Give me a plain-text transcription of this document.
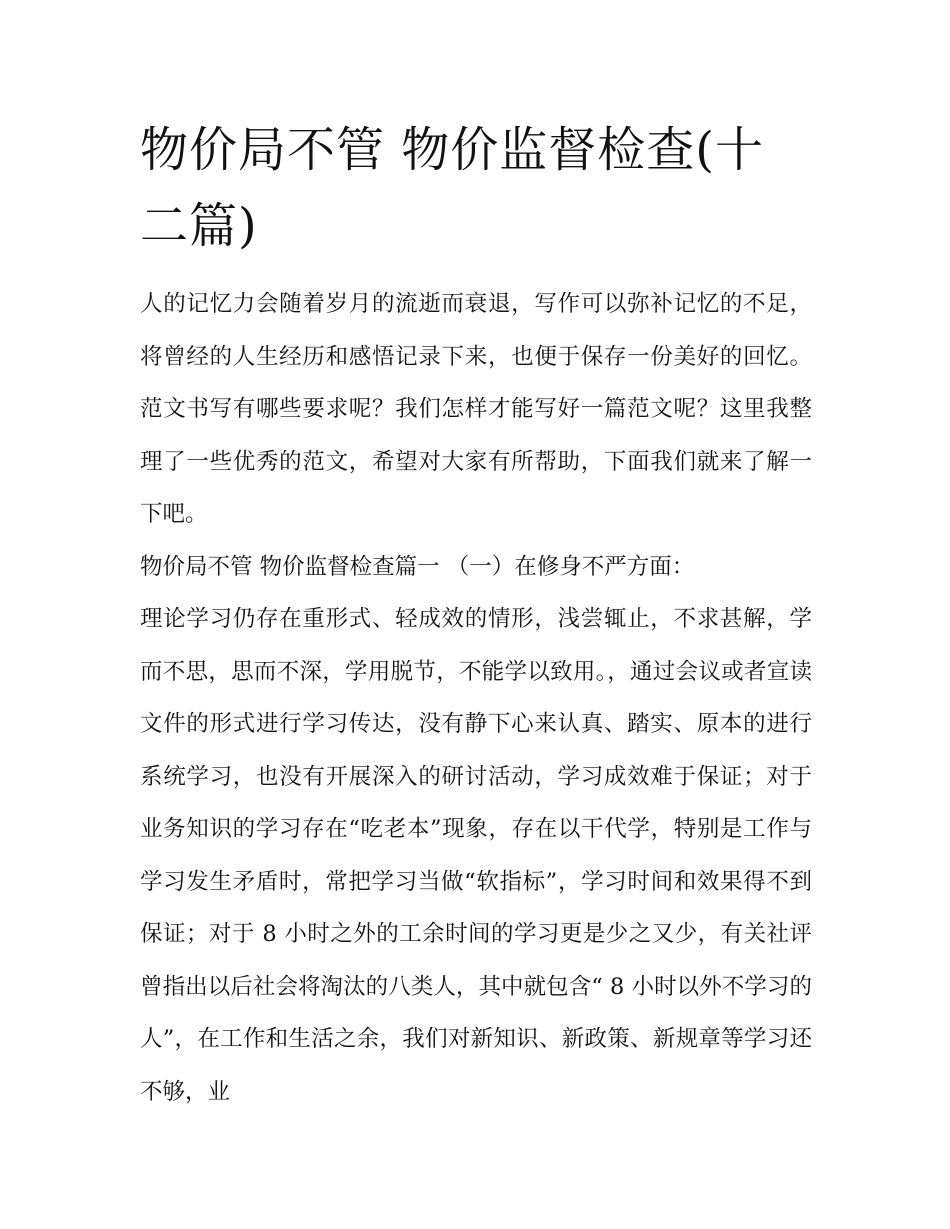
物价局不管 物价监督检查(十二篇)

人的记忆力会随着岁月的流逝而衰退，写作可以弥补记忆的不足，将曾经的人生经历和感悟记录下来，也便于保存一份美好的回忆。范文书写有哪些要求呢？我们怎样才能写好一篇范文呢？这里我整理了一些优秀的范文，希望对大家有所帮助，下面我们就来了解一下吧。

物价局不管 物价监督检查篇一 （一）在修身不严方面：

理论学习仍存在重形式、轻成效的情形，浅尝辄止，不求甚解，学而不思，思而不深，学用脱节，不能学以致用。，通过会议或者宣读文件的形式进行学习传达，没有静下心来认真、踏实、原本的进行系统学习，也没有开展深入的研讨活动，学习成效难于保证；对于业务知识的学习存在“吃老本”现象，存在以干代学，特别是工作与学习发生矛盾时，常把学习当做“软指标”，学习时间和效果得不到保证；对于 8 小时之外的工余时间的学习更是少之又少，有关社评曾指出以后社会将淘汰的八类人，其中就包含“ 8 小时以外不学习的人”，在工作和生活之余，我们对新知识、新政策、新规章等学习还不够，业
